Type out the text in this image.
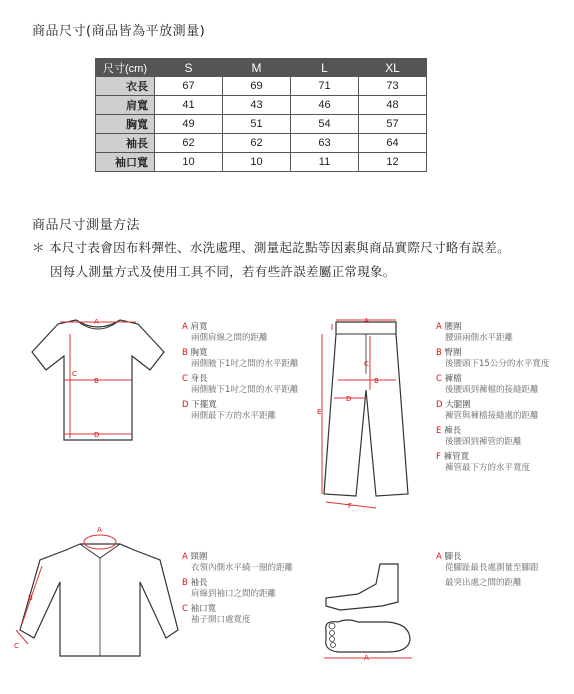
商品尺寸(商品皆為平放測量)
尺寸(cm)	S	M	L	XL
衣長	67	69	71	73
肩寬	41	43	46	48
胸寬	49	51	54	57
袖長	62	62	63	64
袖口寬	10	10	11	12
商品尺寸測量方法
＊ 本尺寸表會因布料彈性、水洗處理、測量起訖點等因素與商品實際尺寸略有誤差。
因每人測量方式及使用工具不同，若有些許誤差屬正常現象。
A
B
C
D
A 肩寬
兩側肩線之間的距離
B 胸寬
兩側腋下1吋之間的水平距離
C 身長
兩側腋下1吋之間的水平距離
D 下擺寬
兩側最下方的水平距離
A
B
C
D
E
F
A 腰圍
腰頭兩側水平距離
B 臀圍
後腰頭下15公分的水平寬度
C 褲檔
後腰頭到褲檔的接縫距離
D 大腿圍
褲管與褲檔接縫處的距離
E 褲長
後腰頭到褲管的距離
F 褲管寬
褲管最下方的水平寬度
A
B
C
A 頸圍
衣領內側水平繞一圈的距離
B 袖長
肩線到袖口之間的距離
C 袖口寬
袖子開口處寬度
A
A 腳長
從腳趾最長處測量至腳跟
最突出處之間的距離
